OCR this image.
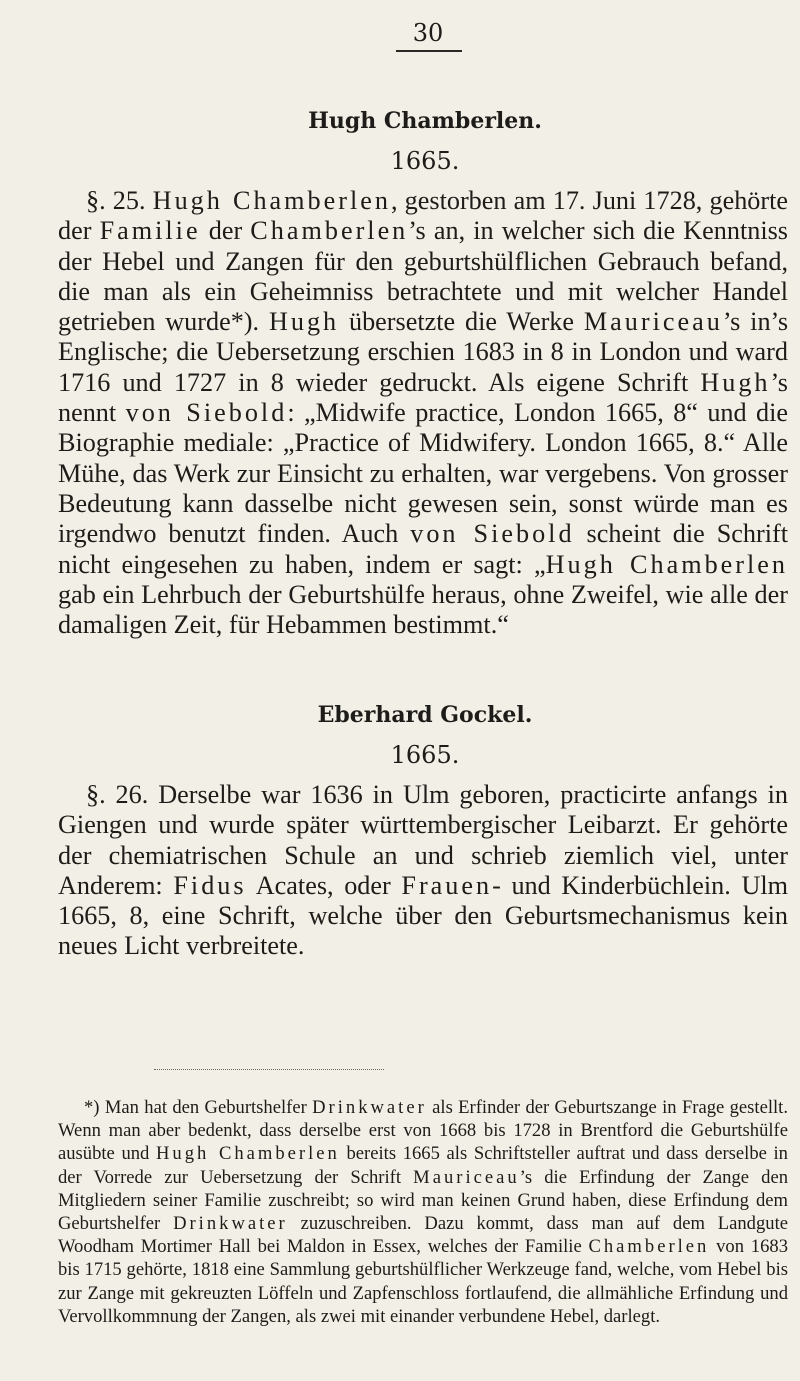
30
Hugh Chamberlen.
1665.

§. 25. Hugh Chamberlen, gestorben am 17. Juni 1728, gehörte der Familie der Chamberlen’s an, in welcher sich die Kenntniss der Hebel und Zangen für den geburtshülflichen Gebrauch befand, die man als ein Geheimniss betrachtete und mit welcher Handel getrieben wurde*). Hugh übersetzte die Werke Mauriceau’s in’s Englische; die Uebersetzung erschien 1683 in 8 in London und ward 1716 und 1727 in 8 wieder gedruckt. Als eigene Schrift Hugh’s nennt von Siebold: „Midwife practice, London 1665, 8“ und die Biographie mediale: „Practice of Midwifery. London 1665, 8.“ Alle Mühe, das Werk zur Einsicht zu erhalten, war vergebens. Von grosser Bedeutung kann dasselbe nicht gewesen sein, sonst würde man es irgendwo benutzt finden. Auch von Siebold scheint die Schrift nicht eingesehen zu haben, indem er sagt: „Hugh Chamberlen gab ein Lehrbuch der Geburtshülfe heraus, ohne Zweifel, wie alle der damaligen Zeit, für Hebammen bestimmt.“

Eberhard Gockel.
1665.

§. 26. Derselbe war 1636 in Ulm geboren, practicirte anfangs in Giengen und wurde später württembergischer Leibarzt. Er gehörte der chemiatrischen Schule an und schrieb ziemlich viel, unter Anderem: Fidus Acates, oder Frauen- und Kinderbüchlein. Ulm 1665, 8, eine Schrift, welche über den Geburtsmechanismus kein neues Licht verbreitete.

*) Man hat den Geburtshelfer Drinkwater als Erfinder der Geburtszange in Frage gestellt. Wenn man aber bedenkt, dass derselbe erst von 1668 bis 1728 in Brentford die Geburtshülfe ausübte und Hugh Chamberlen bereits 1665 als Schriftsteller auftrat und dass derselbe in der Vorrede zur Uebersetzung der Schrift Mauriceau’s die Erfindung der Zange den Mitgliedern seiner Familie zuschreibt; so wird man keinen Grund haben, diese Erfindung dem Geburtshelfer Drinkwater zuzuschreiben. Dazu kommt, dass man auf dem Landgute Woodham Mortimer Hall bei Maldon in Essex, welches der Familie Chamberlen von 1683 bis 1715 gehörte, 1818 eine Sammlung geburtshülflicher Werkzeuge fand, welche, vom Hebel bis zur Zange mit gekreuzten Löffeln und Zapfenschloss fortlaufend, die allmähliche Erfindung und Vervollkommnung der Zangen, als zwei mit einander verbundene Hebel, darlegt.
